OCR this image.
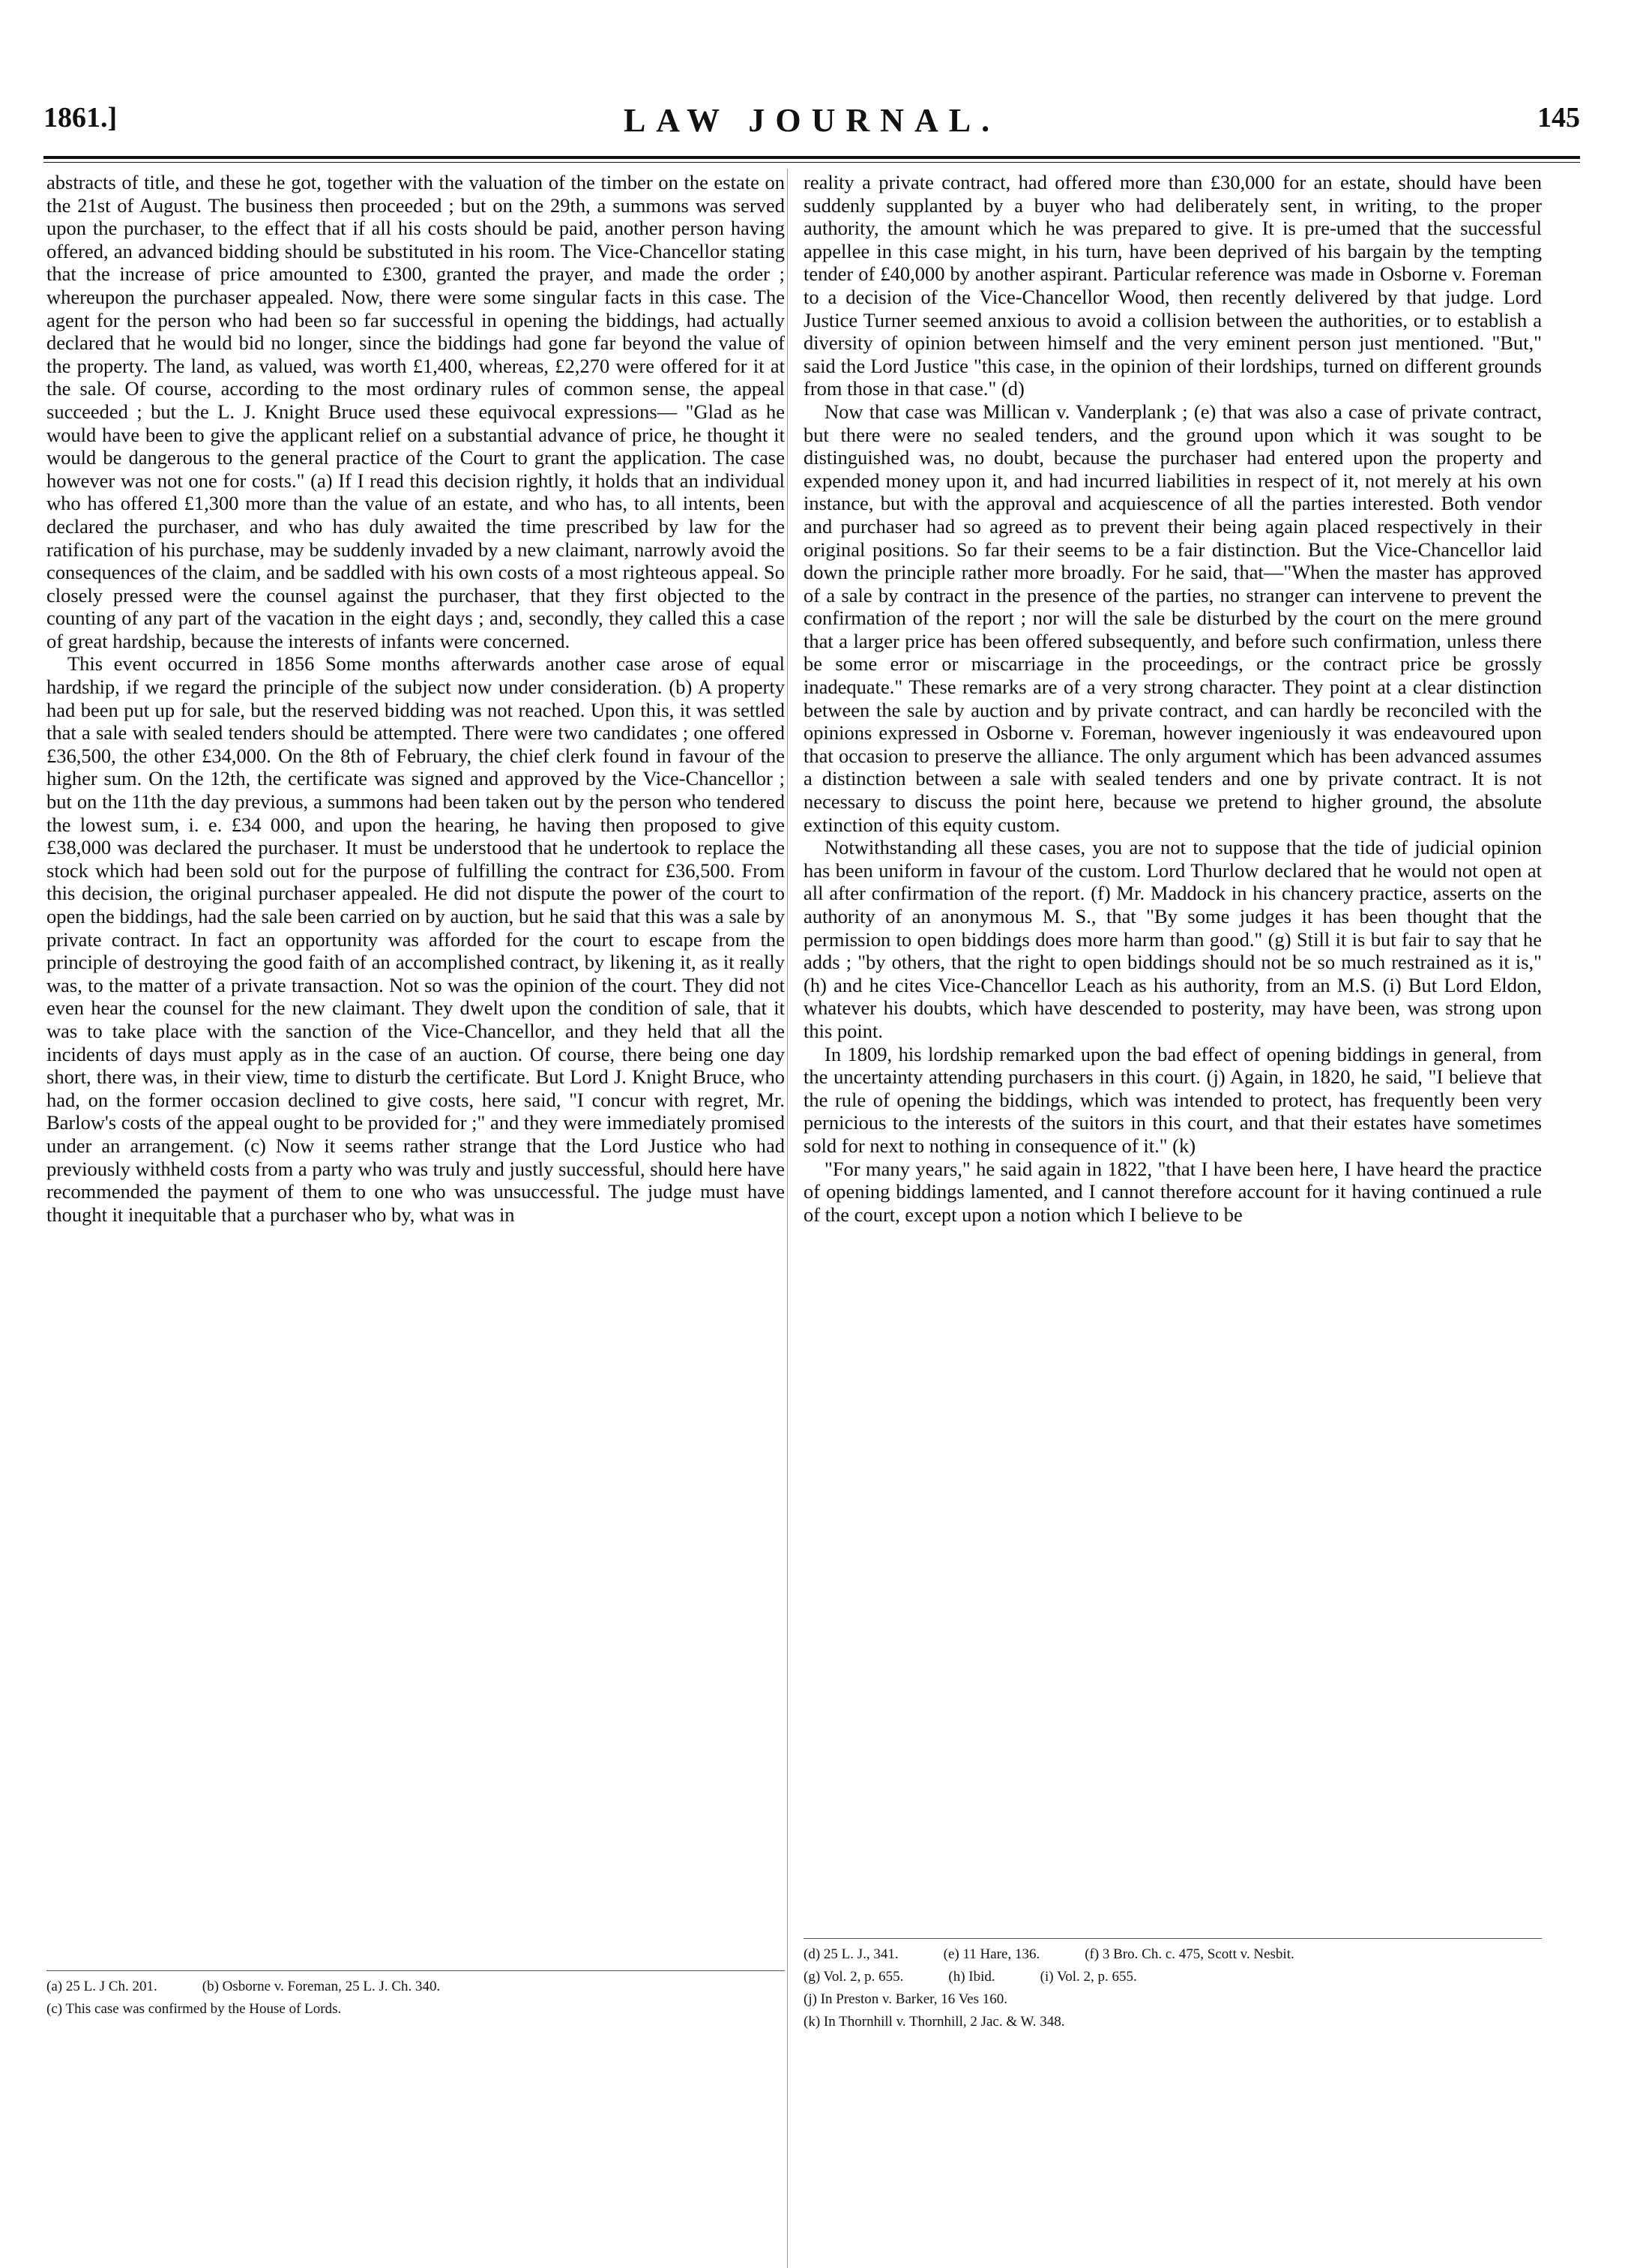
1861.]	LAW JOURNAL.	145

abstracts of title, and these he got, together with the valuation of the timber on the estate on the 21st of August. The business then proceeded ; but on the 29th, a summons was served upon the purchaser, to the effect that if all his costs should be paid, another person having offered, an advanced bidding should be substituted in his room. The Vice-Chancellor stating that the increase of price amounted to £300, granted the prayer, and made the order ; whereupon the purchaser appealed. Now, there were some singular facts in this case. The agent for the person who had been so far successful in opening the biddings, had actually declared that he would bid no longer, since the biddings had gone far beyond the value of the property. The land, as valued, was worth £1,400, whereas, £2,270 were offered for it at the sale. Of course, according to the most ordinary rules of common sense, the appeal succeeded ; but the L. J. Knight Bruce used these equivocal expressions— "Glad as he would have been to give the applicant relief on a substantial advance of price, he thought it would be dangerous to the general practice of the Court to grant the application. The case however was not one for costs." (a) If I read this decision rightly, it holds that an individual who has offered £1,300 more than the value of an estate, and who has, to all intents, been declared the purchaser, and who has duly awaited the time prescribed by law for the ratification of his purchase, may be suddenly invaded by a new claimant, narrowly avoid the consequences of the claim, and be saddled with his own costs of a most righteous appeal. So closely pressed were the counsel against the purchaser, that they first objected to the counting of any part of the vacation in the eight days ; and, secondly, they called this a case of great hardship, because the interests of infants were concerned.

This event occurred in 1856 Some months afterwards another case arose of equal hardship, if we regard the principle of the subject now under consideration. (b) A property had been put up for sale, but the reserved bidding was not reached. Upon this, it was settled that a sale with sealed tenders should be attempted. There were two candidates ; one offered £36,500, the other £34,000. On the 8th of February, the chief clerk found in favour of the higher sum. On the 12th, the certificate was signed and approved by the Vice-Chancellor ; but on the 11th the day previous, a summons had been taken out by the person who tendered the lowest sum, i. e. £34 000, and upon the hearing, he having then proposed to give £38,000 was declared the purchaser. It must be understood that he undertook to replace the stock which had been sold out for the purpose of fulfilling the contract for £36,500. From this decision, the original purchaser appealed. He did not dispute the power of the court to open the biddings, had the sale been carried on by auction, but he said that this was a sale by private contract. In fact an opportunity was afforded for the court to escape from the principle of destroying the good faith of an accomplished contract, by likening it, as it really was, to the matter of a private transaction. Not so was the opinion of the court. They did not even hear the counsel for the new claimant. They dwelt upon the condition of sale, that it was to take place with the sanction of the Vice-Chancellor, and they held that all the incidents of days must apply as in the case of an auction. Of course, there being one day short, there was, in their view, time to disturb the certificate. But Lord J. Knight Bruce, who had, on the former occasion declined to give costs, here said, "I concur with regret, Mr. Barlow's costs of the appeal ought to be provided for ;" and they were immediately promised under an arrangement. (c) Now it seems rather strange that the Lord Justice who had previously withheld costs from a party who was truly and justly successful, should here have recommended the payment of them to one who was unsuccessful. The judge must have thought it inequitable that a purchaser who by, what was in

reality a private contract, had offered more than £30,000 for an estate, should have been suddenly supplanted by a buyer who had deliberately sent, in writing, to the proper authority, the amount which he was prepared to give. It is pre-umed that the successful appellee in this case might, in his turn, have been deprived of his bargain by the tempting tender of £40,000 by another aspirant. Particular reference was made in Osborne v. Foreman to a decision of the Vice-Chancellor Wood, then recently delivered by that judge. Lord Justice Turner seemed anxious to avoid a collision between the authorities, or to establish a diversity of opinion between himself and the very eminent person just mentioned. "But," said the Lord Justice "this case, in the opinion of their lordships, turned on different grounds from those in that case." (d)

Now that case was Millican v. Vanderplank ; (e) that was also a case of private contract, but there were no sealed tenders, and the ground upon which it was sought to be distinguished was, no doubt, because the purchaser had entered upon the property and expended money upon it, and had incurred liabilities in respect of it, not merely at his own instance, but with the approval and acquiescence of all the parties interested. Both vendor and purchaser had so agreed as to prevent their being again placed respectively in their original positions. So far their seems to be a fair distinction. But the Vice-Chancellor laid down the principle rather more broadly. For he said, that—"When the master has approved of a sale by contract in the presence of the parties, no stranger can intervene to prevent the confirmation of the report ; nor will the sale be disturbed by the court on the mere ground that a larger price has been offered subsequently, and before such confirmation, unless there be some error or miscarriage in the proceedings, or the contract price be grossly inadequate." These remarks are of a very strong character. They point at a clear distinction between the sale by auction and by private contract, and can hardly be reconciled with the opinions expressed in Osborne v. Foreman, however ingeniously it was endeavoured upon that occasion to preserve the alliance. The only argument which has been advanced assumes a distinction between a sale with sealed tenders and one by private contract. It is not necessary to discuss the point here, because we pretend to higher ground, the absolute extinction of this equity custom.

Notwithstanding all these cases, you are not to suppose that the tide of judicial opinion has been uniform in favour of the custom. Lord Thurlow declared that he would not open at all after confirmation of the report. (f) Mr. Maddock in his chancery practice, asserts on the authority of an anonymous M. S., that "By some judges it has been thought that the permission to open biddings does more harm than good." (g) Still it is but fair to say that he adds ; "by others, that the right to open biddings should not be so much restrained as it is," (h) and he cites Vice-Chancellor Leach as his authority, from an M.S. (i) But Lord Eldon, whatever his doubts, which have descended to posterity, may have been, was strong upon this point.

In 1809, his lordship remarked upon the bad effect of opening biddings in general, from the uncertainty attending purchasers in this court. (j) Again, in 1820, he said, "I believe that the rule of opening the biddings, which was intended to protect, has frequently been very pernicious to the interests of the suitors in this court, and that their estates have sometimes sold for next to nothing in consequence of it." (k)

"For many years," he said again in 1822, "that I have been here, I have heard the practice of opening biddings lamented, and I cannot therefore account for it having continued a rule of the court, except upon a notion which I believe to be

(a) 25 L. J Ch. 201.	(b) Osborne v. Foreman, 25 L. J. Ch. 340.
(c) This case was confirmed by the House of Lords.
(d) 25 L. J., 341.	(e) 11 Hare, 136.	(f) 3 Bro. Ch. c. 475, Scott v. Nesbit.
(g) Vol. 2, p. 655.	(h) Ibid.	(i) Vol. 2, p. 655.
(j) In Preston v. Barker, 16 Ves 160.
(k) In Thornhill v. Thornhill, 2 Jac. & W. 348.
